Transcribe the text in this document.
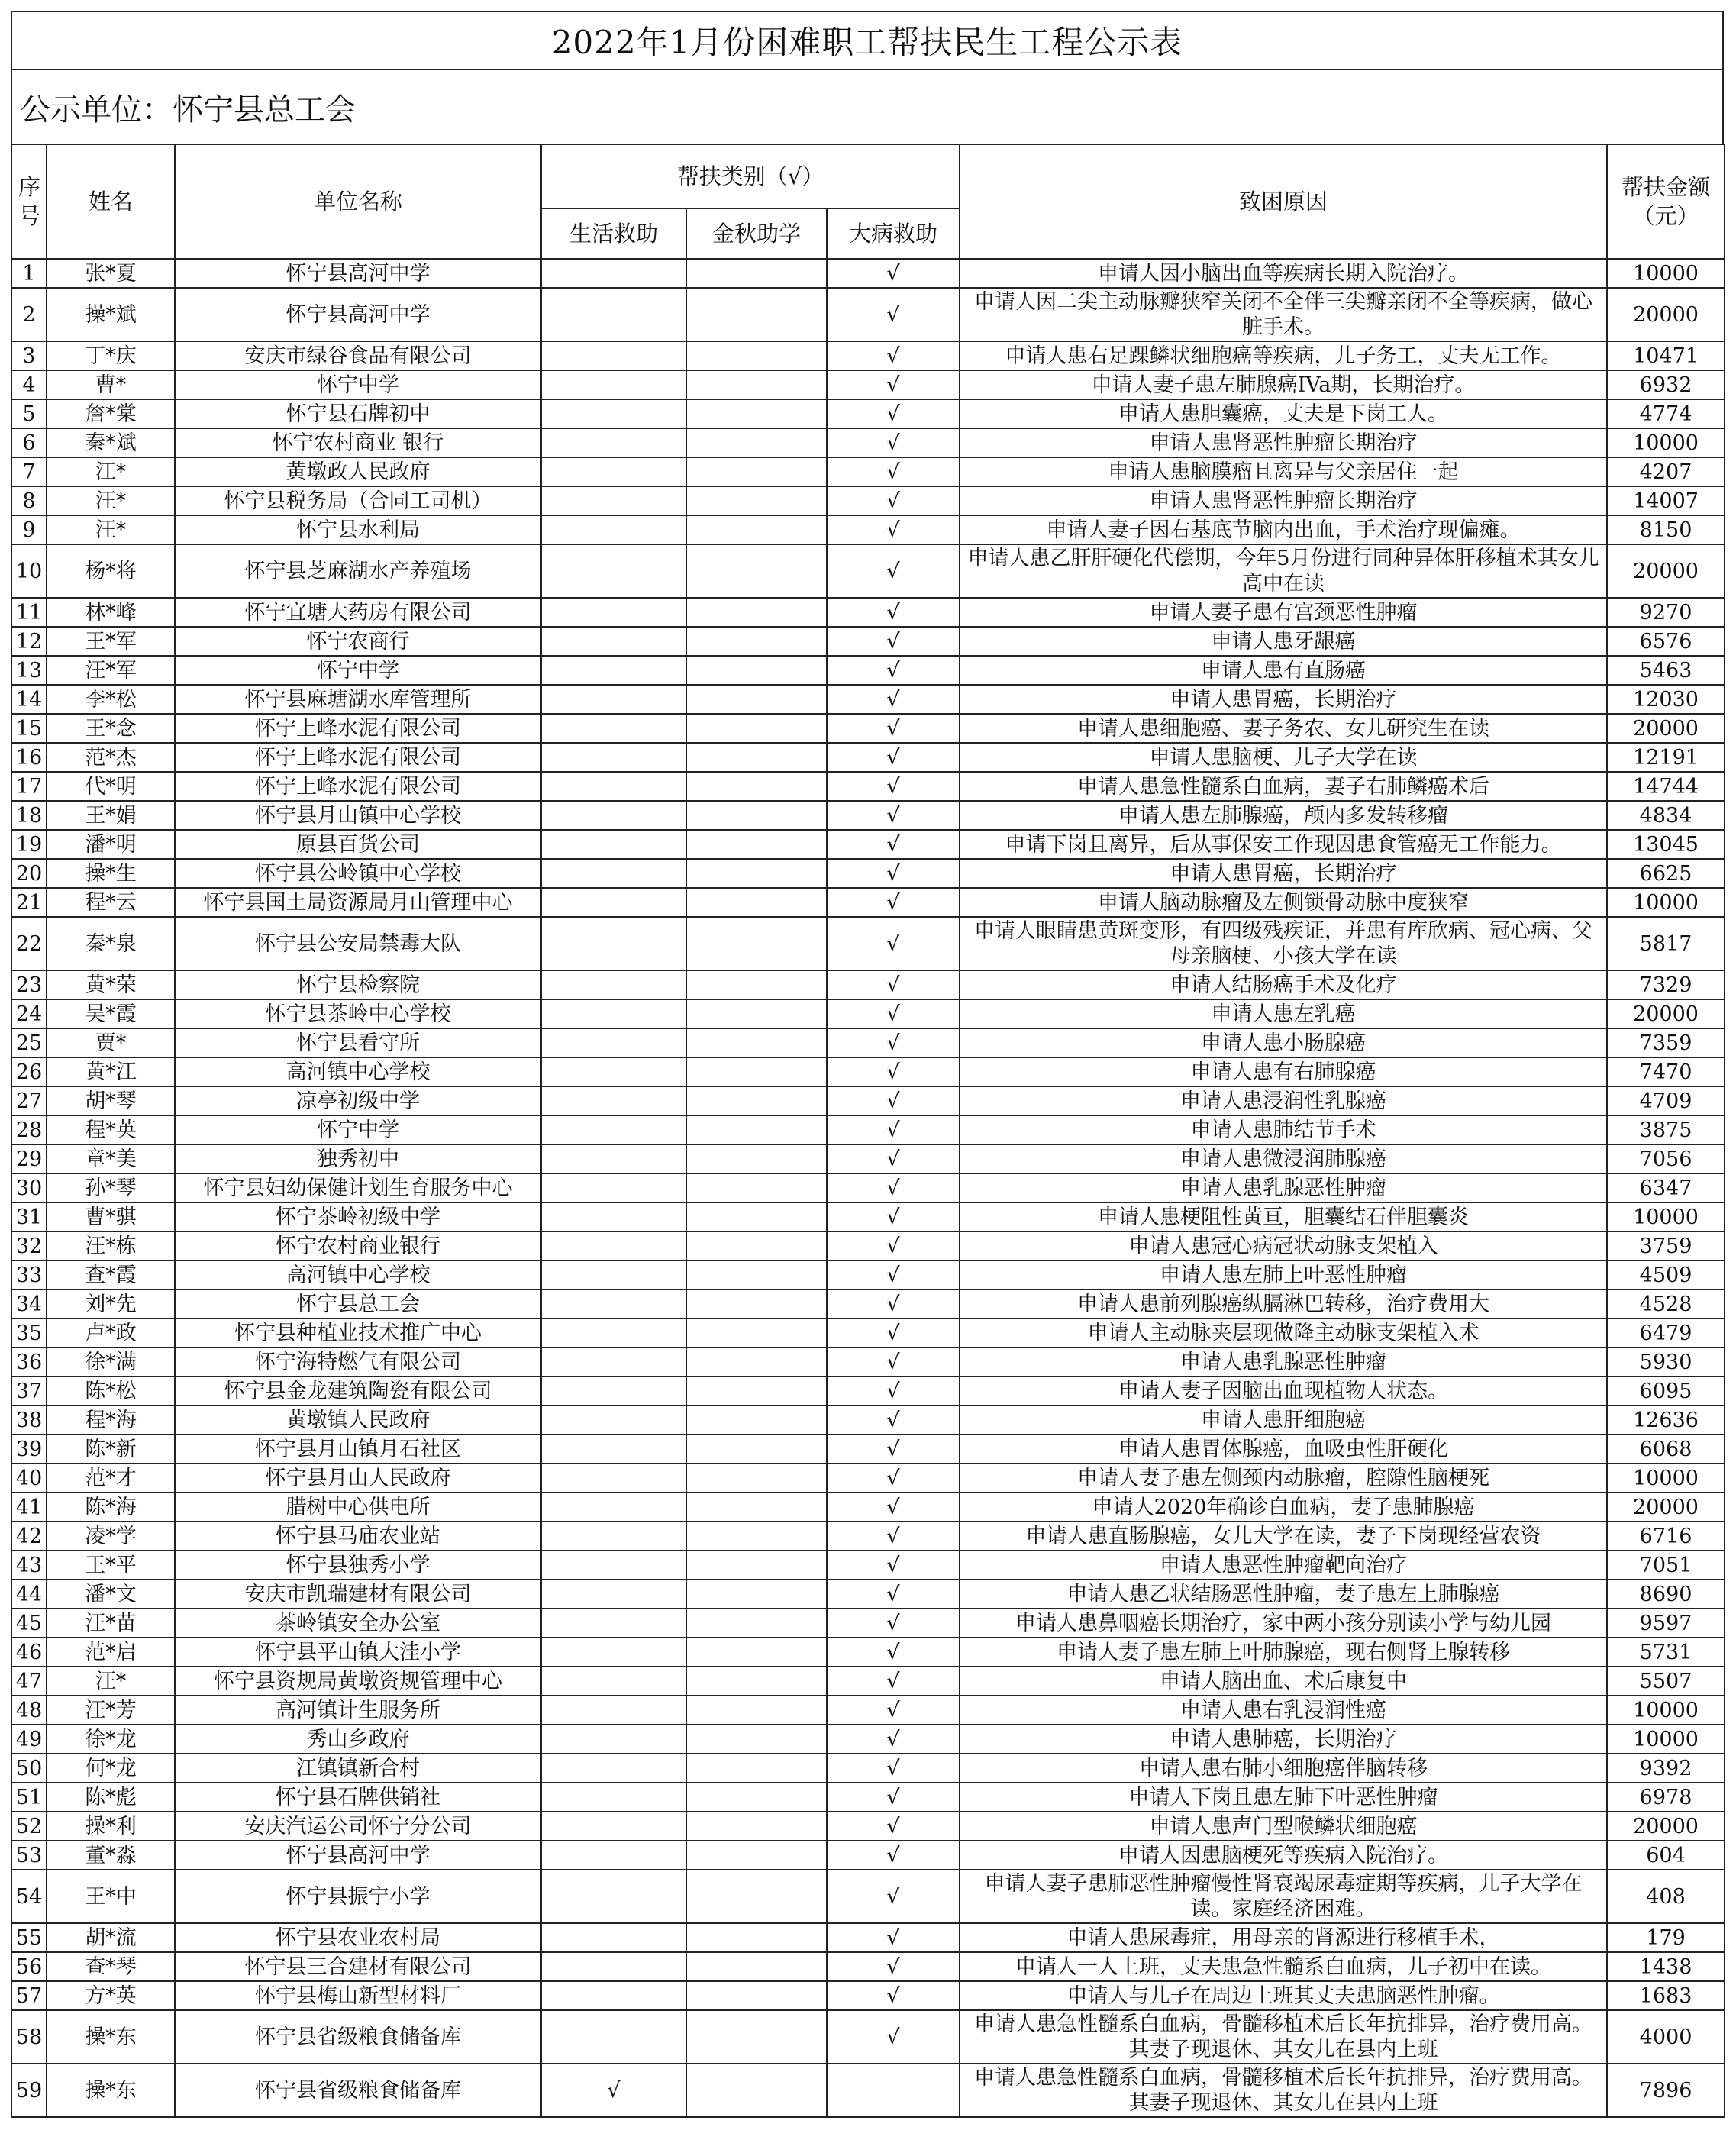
2022年1月份困难职工帮扶民生工程公示表
公示单位：怀宁县总工会
序号	姓名	单位名称	帮扶类别（√）			致困原因	帮扶金额（元）
			生活救助	金秋助学	大病救助		
1	张*夏	怀宁县高河中学			√	申请人因小脑出血等疾病长期入院治疗。	10000
2	操*斌	怀宁县高河中学			√	申请人因二尖主动脉瓣狭窄关闭不全伴三尖瓣亲闭不全等疾病，做心脏手术。	20000
3	丁*庆	安庆市绿谷食品有限公司			√	申请人患右足踝鳞状细胞癌等疾病，儿子务工，丈夫无工作。	10471
4	曹*	怀宁中学			√	申请人妻子患左肺腺癌IVa期，长期治疗。	6932
5	詹*棠	怀宁县石牌初中			√	申请人患胆囊癌，丈夫是下岗工人。	4774
6	秦*斌	怀宁农村商业 银行			√	申请人患肾恶性肿瘤长期治疗	10000
7	江*	黄墩政人民政府			√	申请人患脑膜瘤且离异与父亲居住一起	4207
8	汪*	怀宁县税务局（合同工司机）			√	申请人患肾恶性肿瘤长期治疗	14007
9	汪*	怀宁县水利局			√	申请人妻子因右基底节脑内出血，手术治疗现偏瘫。	8150
10	杨*将	怀宁县芝麻湖水产养殖场			√	申请人患乙肝肝硬化代偿期，今年5月份进行同种异体肝移植术其女儿高中在读	20000
11	林*峰	怀宁宜塘大药房有限公司			√	申请人妻子患有宫颈恶性肿瘤	9270
12	王*军	怀宁农商行			√	申请人患牙龈癌	6576
13	汪*军	怀宁中学			√	申请人患有直肠癌	5463
14	李*松	怀宁县麻塘湖水库管理所			√	申请人患胃癌，长期治疗	12030
15	王*念	怀宁上峰水泥有限公司			√	申请人患细胞癌、妻子务农、女儿研究生在读	20000
16	范*杰	怀宁上峰水泥有限公司			√	申请人患脑梗、儿子大学在读	12191
17	代*明	怀宁上峰水泥有限公司			√	申请人患急性髓系白血病，妻子右肺鳞癌术后	14744
18	王*娟	怀宁县月山镇中心学校			√	申请人患左肺腺癌，颅内多发转移瘤	4834
19	潘*明	原县百货公司			√	申请下岗且离异，后从事保安工作现因患食管癌无工作能力。	13045
20	操*生	怀宁县公岭镇中心学校			√	申请人患胃癌，长期治疗	6625
21	程*云	怀宁县国土局资源局月山管理中心			√	申请人脑动脉瘤及左侧锁骨动脉中度狭窄	10000
22	秦*泉	怀宁县公安局禁毒大队			√	申请人眼睛患黄斑变形，有四级残疾证，并患有库欣病、冠心病、父母亲脑梗、小孩大学在读	5817
23	黄*荣	怀宁县检察院			√	申请人结肠癌手术及化疗	7329
24	吴*霞	怀宁县茶岭中心学校			√	申请人患左乳癌	20000
25	贾*	怀宁县看守所			√	申请人患小肠腺癌	7359
26	黄*江	高河镇中心学校			√	申请人患有右肺腺癌	7470
27	胡*琴	凉亭初级中学			√	申请人患浸润性乳腺癌	4709
28	程*英	怀宁中学			√	申请人患肺结节手术	3875
29	章*美	独秀初中			√	申请人患微浸润肺腺癌	7056
30	孙*琴	怀宁县妇幼保健计划生育服务中心			√	申请人患乳腺恶性肿瘤	6347
31	曹*骐	怀宁茶岭初级中学			√	申请人患梗阻性黄亘，胆囊结石伴胆囊炎	10000
32	汪*栋	怀宁农村商业银行			√	申请人患冠心病冠状动脉支架植入	3759
33	查*霞	高河镇中心学校			√	申请人患左肺上叶恶性肿瘤	4509
34	刘*先	怀宁县总工会			√	申请人患前列腺癌纵膈淋巴转移，治疗费用大	4528
35	卢*政	怀宁县种植业技术推广中心			√	申请人主动脉夹层现做降主动脉支架植入术	6479
36	徐*满	怀宁海特燃气有限公司			√	申请人患乳腺恶性肿瘤	5930
37	陈*松	怀宁县金龙建筑陶瓷有限公司			√	申请人妻子因脑出血现植物人状态。	6095
38	程*海	黄墩镇人民政府			√	申请人患肝细胞癌	12636
39	陈*新	怀宁县月山镇月石社区			√	申请人患胃体腺癌，血吸虫性肝硬化	6068
40	范*才	怀宁县月山人民政府			√	申请人妻子患左侧颈内动脉瘤，腔隙性脑梗死	10000
41	陈*海	腊树中心供电所			√	申请人2020年确诊白血病，妻子患肺腺癌	20000
42	凌*学	怀宁县马庙农业站			√	申请人患直肠腺癌，女儿大学在读，妻子下岗现经营农资	6716
43	王*平	怀宁县独秀小学			√	申请人患恶性肿瘤靶向治疗	7051
44	潘*文	安庆市凯瑞建材有限公司			√	申请人患乙状结肠恶性肿瘤，妻子患左上肺腺癌	8690
45	汪*苗	茶岭镇安全办公室			√	申请人患鼻咽癌长期治疗，家中两小孩分别读小学与幼儿园	9597
46	范*启	怀宁县平山镇大洼小学			√	申请人妻子患左肺上叶肺腺癌，现右侧肾上腺转移	5731
47	汪*	怀宁县资规局黄墩资规管理中心			√	申请人脑出血、术后康复中	5507
48	汪*芳	高河镇计生服务所			√	申请人患右乳浸润性癌	10000
49	徐*龙	秀山乡政府			√	申请人患肺癌，长期治疗	10000
50	何*龙	江镇镇新合村			√	申请人患右肺小细胞癌伴脑转移	9392
51	陈*彪	怀宁县石牌供销社			√	申请人下岗且患左肺下叶恶性肿瘤	6978
52	操*利	安庆汽运公司怀宁分公司			√	申请人患声门型喉鳞状细胞癌	20000
53	董*淼	怀宁县高河中学			√	申请人因患脑梗死等疾病入院治疗。	604
54	王*中	怀宁县振宁小学			√	申请人妻子患肺恶性肿瘤慢性肾衰竭尿毒症期等疾病，儿子大学在读。家庭经济困难。	408
55	胡*流	怀宁县农业农村局			√	申请人患尿毒症，用母亲的肾源进行移植手术，	179
56	查*琴	怀宁县三合建材有限公司			√	申请人一人上班，丈夫患急性髓系白血病，儿子初中在读。	1438
57	方*英	怀宁县梅山新型材料厂			√	申请人与儿子在周边上班其丈夫患脑恶性肿瘤。	1683
58	操*东	怀宁县省级粮食储备库			√	申请人患急性髓系白血病，骨髓移植术后长年抗排异，治疗费用高。其妻子现退休、其女儿在县内上班	4000
59	操*东	怀宁县省级粮食储备库	√			申请人患急性髓系白血病，骨髓移植术后长年抗排异，治疗费用高。其妻子现退休、其女儿在县内上班	7896
